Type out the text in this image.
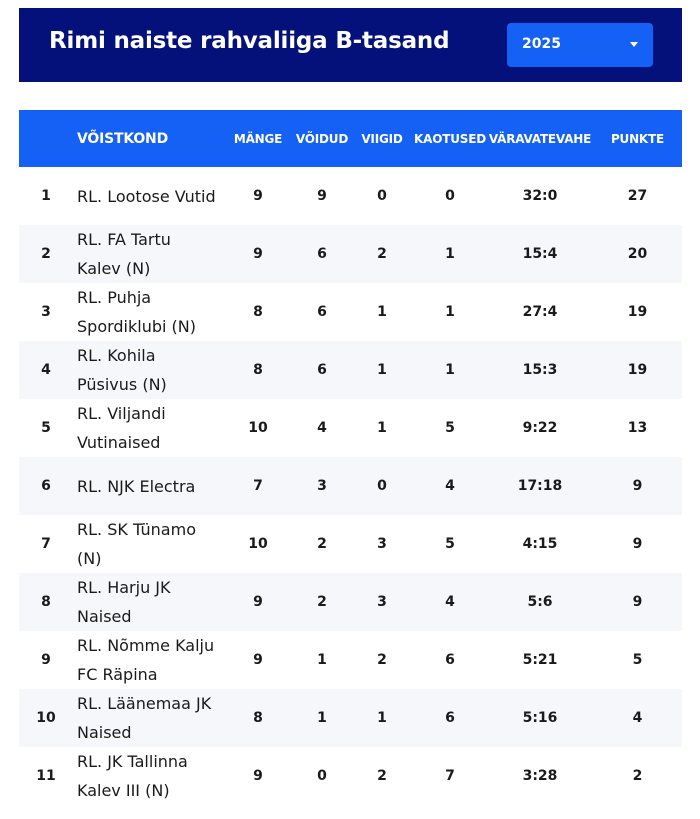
Rimi naiste rahvaliiga B-tasand	2025
	VÕISTKOND	MÄNGE	VÕIDUD	VIIGID	KAOTUSED	VÄRAVATEVAHE	PUNKTE
1	RL. Lootose Vutid	9	9	0	0	32:0	27
2	RL. FA Tartu Kalev (N)	9	6	2	1	15:4	20
3	RL. Puhja Spordiklubi (N)	8	6	1	1	27:4	19
4	RL. Kohila Püsivus (N)	8	6	1	1	15:3	19
5	RL. Viljandi Vutinaised	10	4	1	5	9:22	13
6	RL. NJK Electra	7	3	0	4	17:18	9
7	RL. SK Tünamo (N)	10	2	3	5	4:15	9
8	RL. Harju JK Naised	9	2	3	4	5:6	9
9	RL. Nõmme Kalju FC Räpina	9	1	2	6	5:21	5
10	RL. Läänemaa JK Naised	8	1	1	6	5:16	4
11	RL. JK Tallinna Kalev III (N)	9	0	2	7	3:28	2
